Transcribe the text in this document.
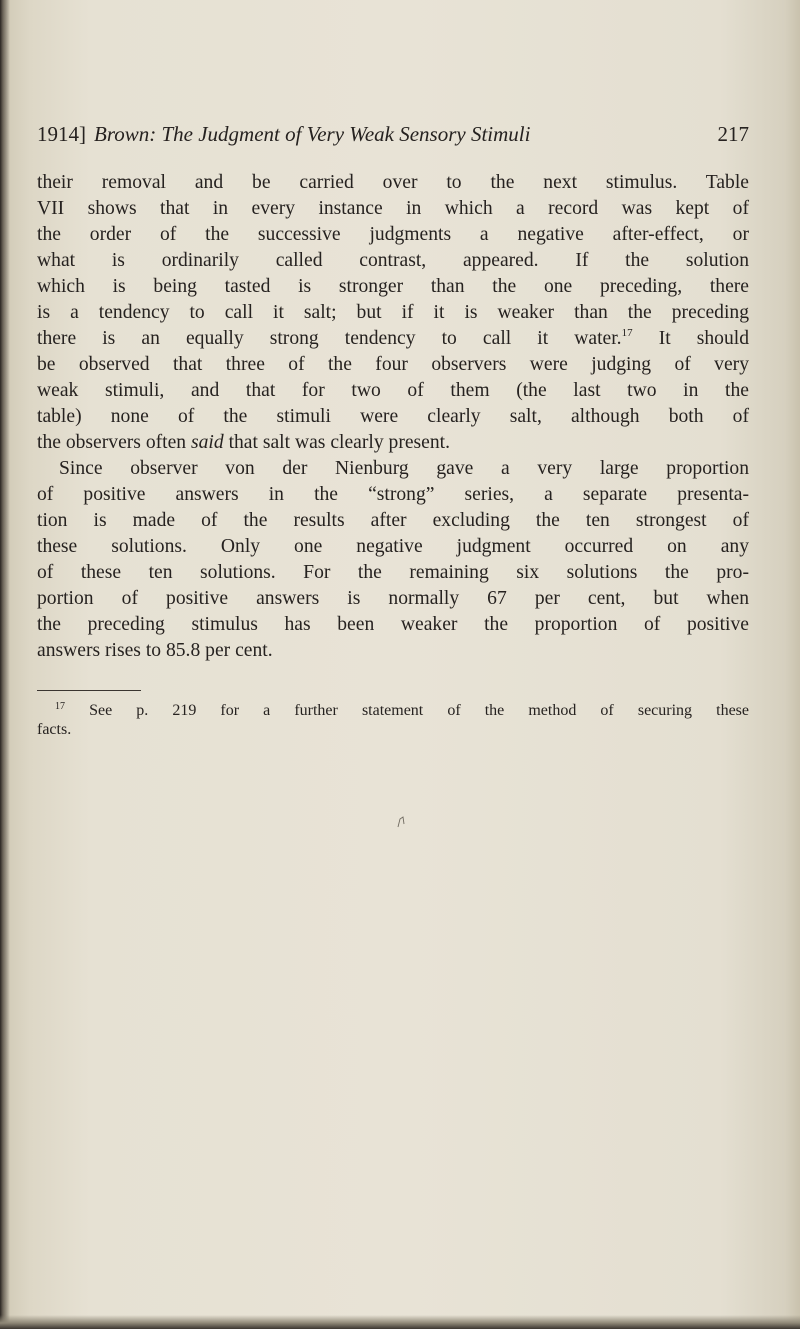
1914] Brown: The Judgment of Very Weak Sensory Stimuli	217
their removal and be carried over to the next stimulus. Table
VII shows that in every instance in which a record was kept of
the order of the successive judgments a negative after-effect, or
what is ordinarily called contrast, appeared. If the solution
which is being tasted is stronger than the one preceding, there
is a tendency to call it salt; but if it is weaker than the preceding
there is an equally strong tendency to call it water.$^{17}$ It should
be observed that three of the four observers were judging of very
weak stimuli, and that for two of them (the last two in the
table) none of the stimuli were clearly salt, although both of
the observers often said that salt was clearly present.
Since observer von der Nienburg gave a very large proportion
of positive answers in the “strong” series, a separate presenta-
tion is made of the results after excluding the ten strongest of
these solutions. Only one negative judgment occurred on any
of these ten solutions. For the remaining six solutions the pro-
portion of positive answers is normally 67 per cent, but when
the preceding stimulus has been weaker the proportion of positive
answers rises to 85.8 per cent.
$^{17}$ See p. 219 for a further statement of the method of securing these
facts.
